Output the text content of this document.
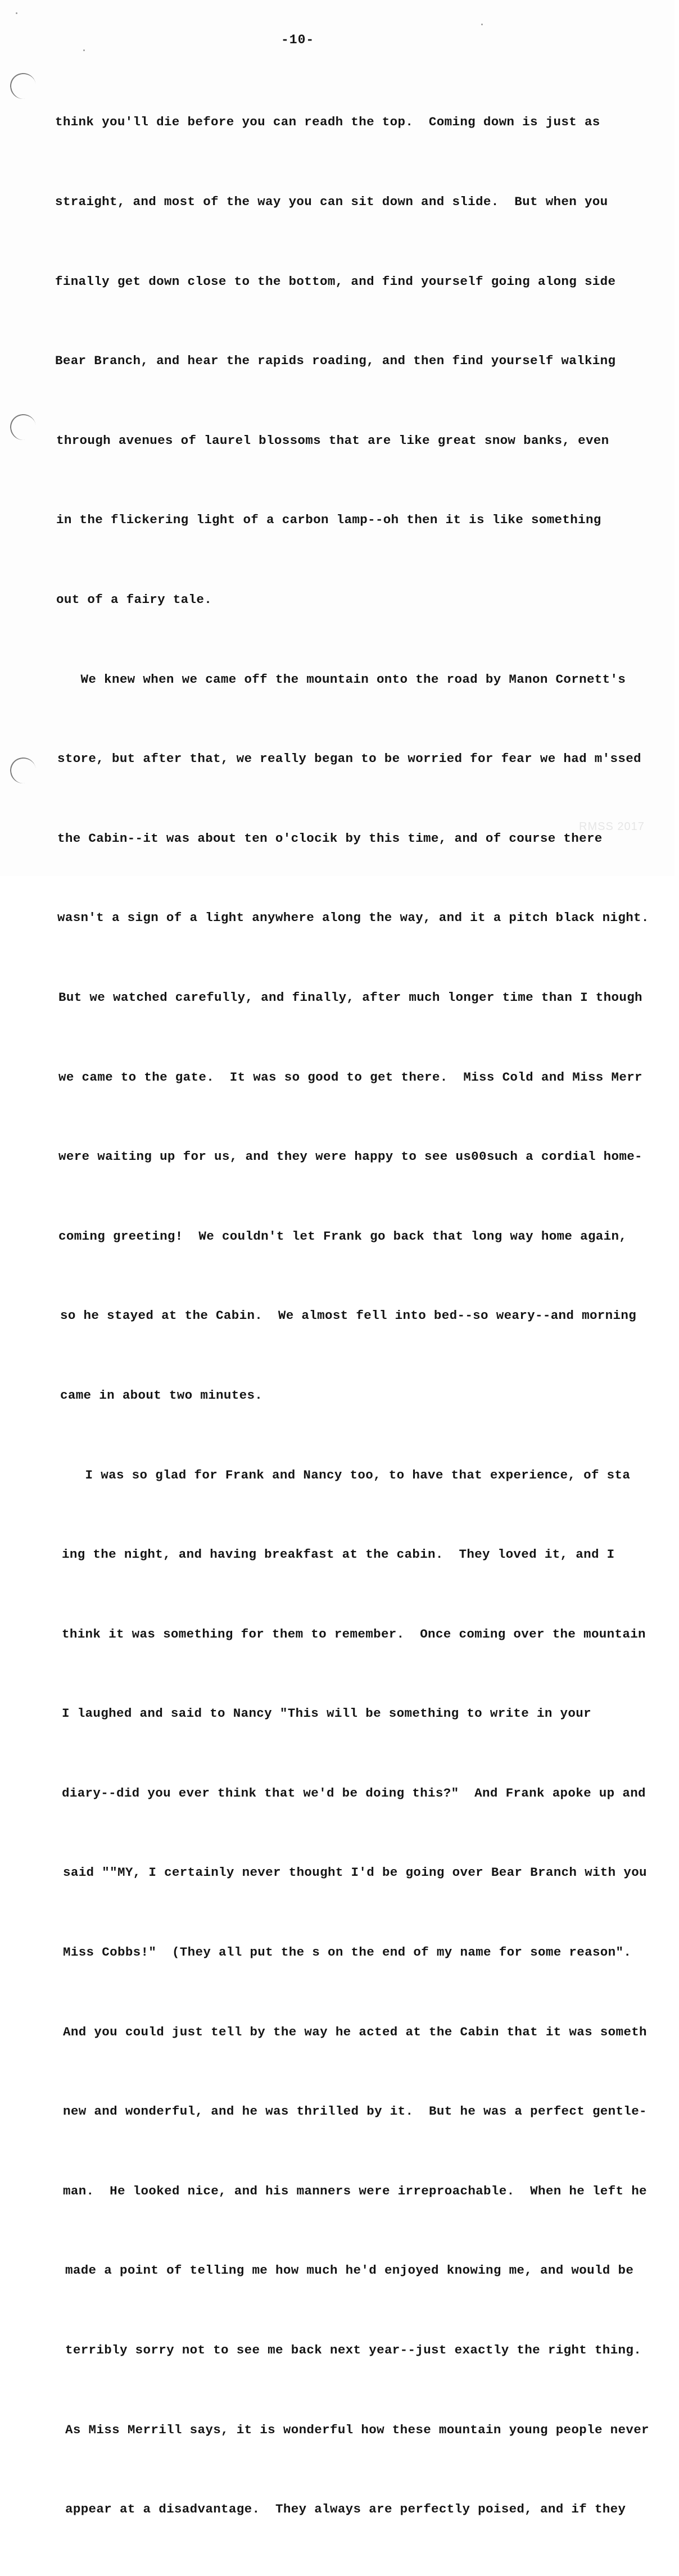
-10-

think you'll die before you can readh the top.  Coming down is just as

straight, and most of the way you can sit down and slide.  But when you

finally get down close to the bottom, and find yourself going along side

Bear Branch, and hear the rapids roading, and then find yourself walking

through avenues of laurel blossoms that are like great snow banks, even

in the flickering light of a carbon lamp--oh then it is like something

out of a fairy tale.

We knew when we came off the mountain onto the road by Manon Cornett's

store, but after that, we really began to be worried for fear we had m'ssed

the Cabin--it was about ten o'clocik by this time, and of course there

wasn't a sign of a light anywhere along the way, and it a pitch black night.

But we watched carefully, and finally, after much longer time than I though

we came to the gate.  It was so good to get there.  Miss Cold and Miss Merr

were waiting up for us, and they were happy to see us00such a cordial home-

coming greeting!  We couldn't let Frank go back that long way home again,

so he stayed at the Cabin.  We almost fell into bed--so weary--and morning

came in about two minutes.

I was so glad for Frank and Nancy too, to have that experience, of sta

ing the night, and having breakfast at the cabin.  They loved it, and I

think it was something for them to remember.  Once coming over the mountain

I laughed and said to Nancy "This will be something to write in your

diary--did you ever think that we'd be doing this?"  And Frank apoke up and

said ""MY, I certainly never thought I'd be going over Bear Branch with you

Miss Cobbs!"  (They all put the s on the end of my name for some reason".

And you could just tell by the way he acted at the Cabin that it was someth

new and wonderful, and he was thrilled by it.  But he was a perfect gentle-

man.  He looked nice, and his manners were irreproachable.  When he left he

made a point of telling me how much he'd enjoyed knowing me, and would be

terribly sorry not to see me back next year--just exactly the right thing.

As Miss Merrill says, it is wonderful how these mountain young people never

appear at a disadvantage.  They always are perfectly poised, and if they

RMSS 2017
